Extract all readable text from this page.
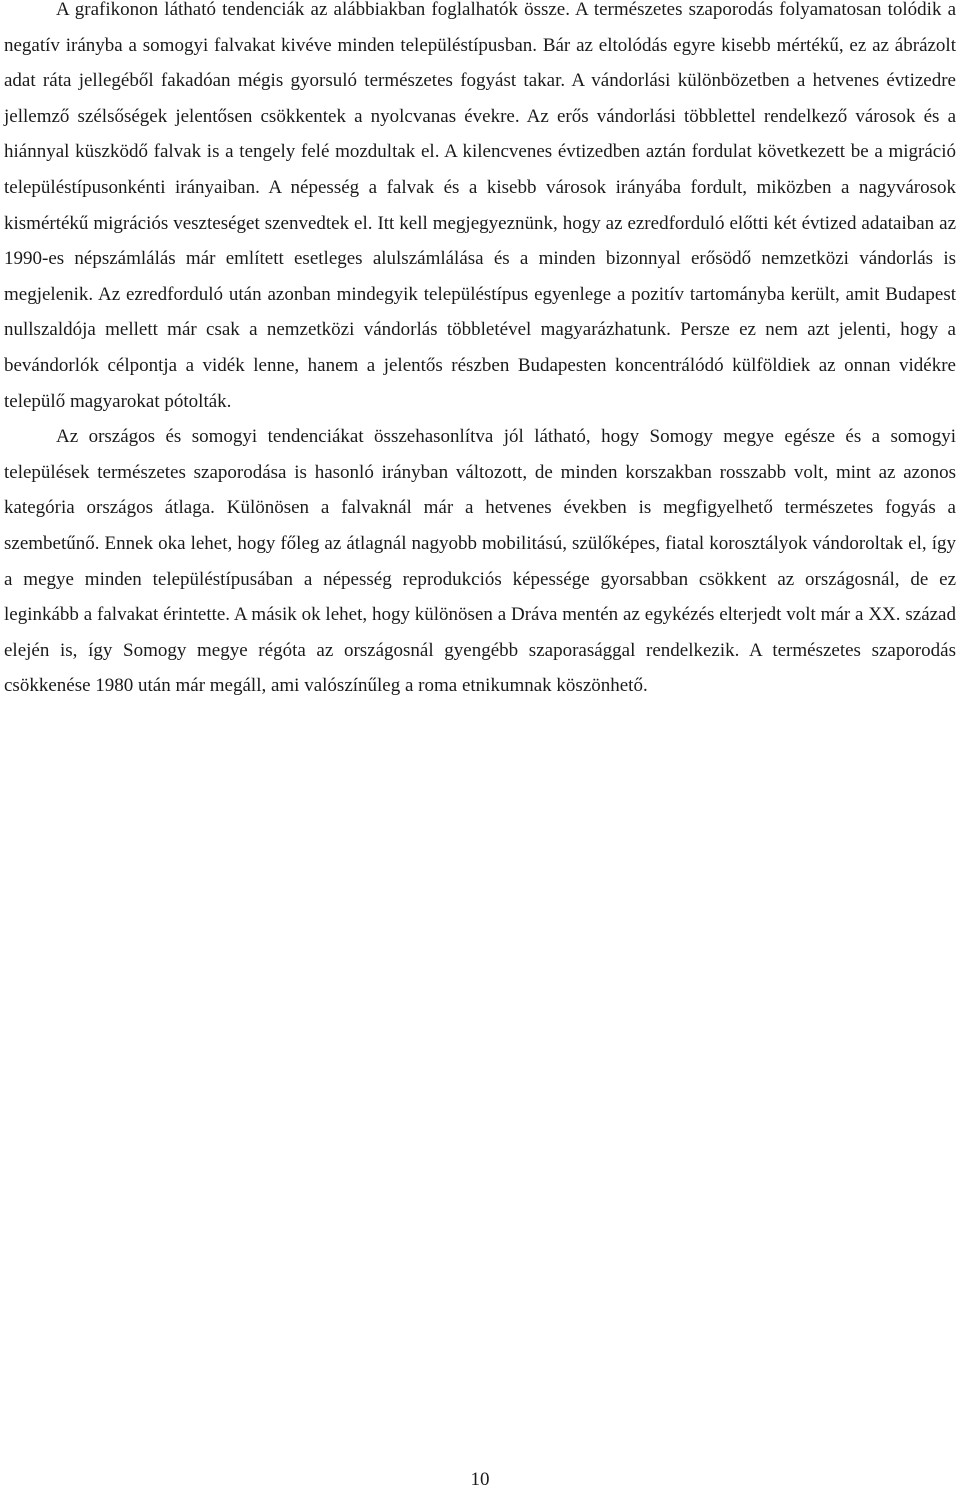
A grafikonon látható tendenciák az alábbiakban foglalhatók össze. A természetes szaporodás folyamatosan tolódik a negatív irányba a somogyi falvakat kivéve minden településtípusban. Bár az eltolódás egyre kisebb mértékű, ez az ábrázolt adat ráta jellegéből fakadóan mégis gyorsuló természetes fogyást takar. A vándorlási különbözetben a hetvenes évtizedre jellemző szélsőségek jelentősen csökkentek a nyolcvanas évekre. Az erős vándorlási többlettel rendelkező városok és a hiánnyal küszködő falvak is a tengely felé mozdultak el. A kilencvenes évtizedben aztán fordulat következett be a migráció településtípusonkénti irányaiban. A népesség a falvak és a kisebb városok irányába fordult, miközben a nagyvárosok kismértékű migrációs veszteséget szenvedtek el. Itt kell megjegyeznünk, hogy az ezredforduló előtti két évtized adataiban az 1990-es népszámlálás már említett esetleges alulszámlálása és a minden bizonnyal erősödő nemzetközi vándorlás is megjelenik. Az ezredforduló után azonban mindegyik településtípus egyenlege a pozitív tartományba került, amit Budapest nullszaldója mellett már csak a nemzetközi vándorlás többletével magyarázhatunk. Persze ez nem azt jelenti, hogy a bevándorlók célpontja a vidék lenne, hanem a jelentős részben Budapesten koncentrálódó külföldiek az onnan vidékre települő magyarokat pótolták.

Az országos és somogyi tendenciákat összehasonlítva jól látható, hogy Somogy megye egésze és a somogyi települések természetes szaporodása is hasonló irányban változott, de minden korszakban rosszabb volt, mint az azonos kategória országos átlaga. Különösen a falvaknál már a hetvenes években is megfigyelhető természetes fogyás a szembetűnő. Ennek oka lehet, hogy főleg az átlagnál nagyobb mobilitású, szülőképes, fiatal korosztályok vándoroltak el, így a megye minden településtípusában a népesség reprodukciós képessége gyorsabban csökkent az országosnál, de ez leginkább a falvakat érintette. A másik ok lehet, hogy különösen a Dráva mentén az egykézés elterjedt volt már a XX. század elején is, így Somogy megye régóta az országosnál gyengébb szaporasággal rendelkezik. A természetes szaporodás csökkenése 1980 után már megáll, ami valószínűleg a roma etnikumnak köszönhető.

10
